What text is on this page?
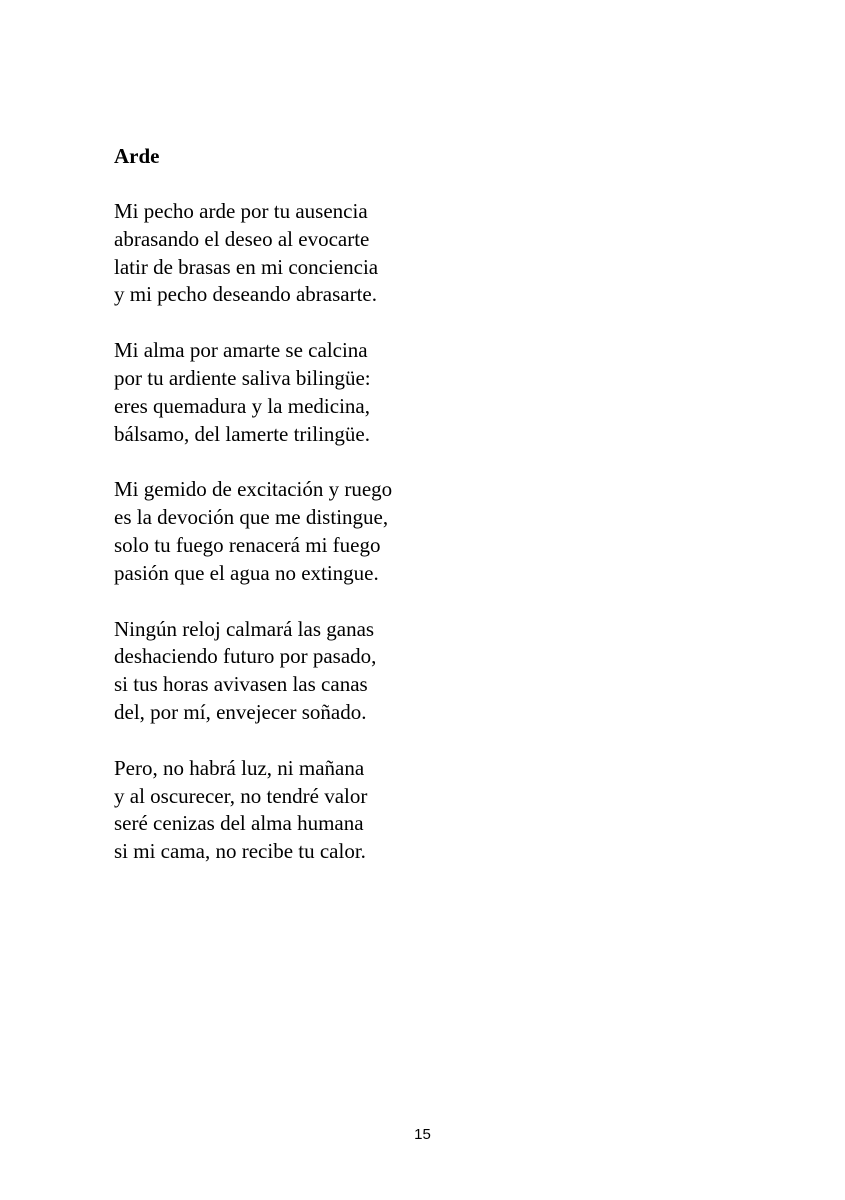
Arde
Mi pecho arde por tu ausencia
abrasando el deseo al evocarte
latir de brasas en mi conciencia
y mi pecho deseando abrasarte.
Mi alma por amarte se calcina
por tu ardiente saliva bilingüe:
eres quemadura y la medicina,
bálsamo, del lamerte trilingüe.
Mi gemido de excitación y ruego
es la devoción que me distingue,
solo tu fuego renacerá mi fuego
pasión que el agua no extingue.
Ningún reloj calmará las ganas
deshaciendo futuro por pasado,
si tus horas avivasen las canas
del, por mí, envejecer soñado.
Pero, no habrá luz, ni mañana
y al oscurecer, no tendré valor
seré cenizas del alma humana
si mi cama, no recibe tu calor.
15
